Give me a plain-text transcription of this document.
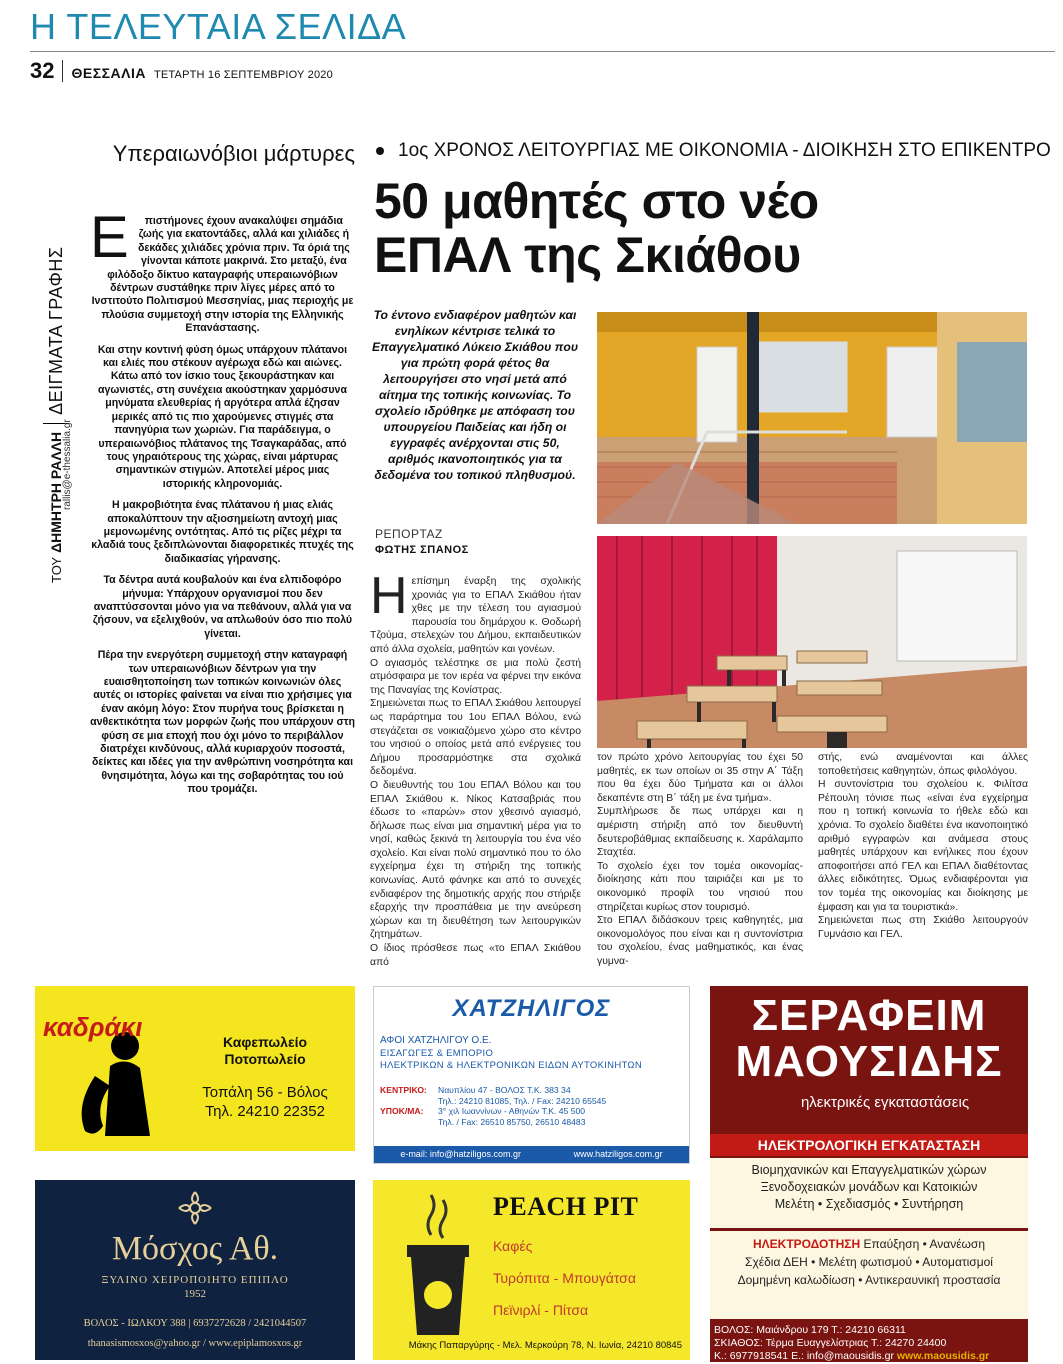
Η ΤΕΛΕΥΤΑΙΑ ΣΕΛΙΔΑ
32 ΘΕΣΣΑΛΙΑ ΤΕΤΑΡΤΗ 16 ΣΕΠΤΕΜΒΡΙΟΥ 2020
ΤΟΥ
ΔΗΜΗΤΡΗ ΡΑΛΛΗ
ΔΕΙΓΜΑΤΑ ΓΡΑΦΗΣ
rallis@e-thessalia.gr
Υπεραιωνόβιοι μάρτυρες

Ε πιστήμονες έχουν ανακαλύψει σημάδια ζωής για εκατοντάδες, αλλά και χιλιάδες ή δεκάδες χιλιάδες χρόνια πριν. Τα όριά της γίνονται κάποτε μακρινά. Στο μεταξύ, ένα φιλόδοξο δίκτυο καταγραφής υπεραιωνόβιων δέντρων συστάθηκε πριν λίγες μέρες από το Ινστιτούτο Πολιτισμού Μεσσηνίας, μιας περιοχής με πλούσια συμμετοχή στην ιστορία της Ελληνικής Επανάστασης.

Και στην κοντινή φύση όμως υπάρχουν πλάτανοι και ελιές που στέκουν αγέρωχα εδώ και αιώνες. Κάτω από τον ίσκιο τους ξεκουράστηκαν και αγωνιστές, στη συνέχεια ακούστηκαν χαρμόσυνα μηνύματα ελευθερίας ή αργότερα απλά έζησαν μερικές από τις πιο χαρούμενες στιγμές στα πανηγύρια των χωριών. Για παράδειγμα, ο υπεραιωνόβιος πλάτανος της Τσαγκαράδας, από τους γηραιότερους της χώρας, είναι μάρτυρας σημαντικών στιγμών. Αποτελεί μέρος μιας ιστορικής κληρονομιάς.

Η μακροβιότητα ένας πλάτανου ή μιας ελιάς αποκαλύπτουν την αξιοσημείωτη αντοχή μιας μεμονωμένης οντότητας. Από τις ρίζες μέχρι τα κλαδιά τους ξεδιπλώνονται διαφορετικές πτυχές της διαδικασίας γήρανσης.

Τα δέντρα αυτά κουβαλούν και ένα ελπιδοφόρο μήνυμα: Υπάρχουν οργανισμοί που δεν αναπτύσσονται μόνο για να πεθάνουν, αλλά για να ζήσουν, να εξελιχθούν, να απλωθούν όσο πιο πολύ γίνεται.

Πέρα την ενεργότερη συμμετοχή στην καταγραφή των υπεραιωνόβιων δέντρων για την ευαισθητοποίηση των τοπικών κοινωνιών όλες αυτές οι ιστορίες φαίνεται να είναι πιο χρήσιμες για έναν ακόμη λόγο: Στον πυρήνα τους βρίσκεται η ανθεκτικότητα των μορφών ζωής που υπάρχουν στη φύση σε μια εποχή που όχι μόνο το περιβάλλον διατρέχει κινδύνους, αλλά κυριαρχούν ποσοστά, δείκτες και ιδέες για την ανθρώπινη νοσηρότητα και θνησιμότητα, λόγω και της σοβαρότητας του ιού που τρομάζει.

1ος ΧΡΟΝΟΣ ΛΕΙΤΟΥΡΓΙΑΣ ΜΕ ΟΙΚΟΝΟΜΙΑ - ΔΙΟΙΚΗΣΗ ΣΤΟ ΕΠΙΚΕΝΤΡΟ
50 μαθητές στο νέο
ΕΠΑΛ της Σκιάθου
Το έντονο ενδιαφέρον μαθητών και ενηλίκων κέντρισε τελικά το Επαγγελματικό Λύκειο Σκιάθου που για πρώτη φορά φέτος θα λειτουργήσει στο νησί μετά από αίτημα της τοπικής κοινωνίας. Το σχολείο ιδρύθηκε με απόφαση του υπουργείου Παιδείας και ήδη οι εγγραφές ανέρχονται στις 50, αριθμός ικανοποιητικός για τα δεδομένα του τοπικού πληθυσμού.
ΡΕΠΟΡΤΑΖ
ΦΩΤΗΣ ΣΠΑΝΟΣ

Ηεπίσημη έναρξη της σχολικής χρονιάς για το ΕΠΑΛ Σκιάθου ήταν χθες με την τέλεση του αγιασμού παρουσία του δημάρχου κ. Θοδωρή Τζούμα, στελεχών του Δήμου, εκπαιδευτικών από άλλα σχολεία, μαθητών και γονέων.

Ο αγιασμός τελέστηκε σε μια πολύ ζεστή ατμόσφαιρα με τον ιερέα να φέρνει την εικόνα της Παναγίας της Κονίστρας.

Σημειώνεται πως το ΕΠΑΛ Σκιάθου λειτουργεί ως παράρτημα του 1ου ΕΠΑΛ Βόλου, ενώ στεγάζεται σε νοικιαζόμενο χώρο στο κέντρο του νησιού ο οποίος μετά από ενέργειες του Δήμου προσαρμόστηκε στα σχολικά δεδομένα.

Ο διευθυντής του 1ου ΕΠΑΛ Βόλου και του ΕΠΑΛ Σκιάθου κ. Νίκος Κατσαβριάς που έδωσε το «παρών» στον χθεσινό αγιασμό, δήλωσε πως είναι μια σημαντική μέρα για το νησί, καθώς ξεκινά τη λειτουργία του ένα νέο σχολείο. Και είναι πολύ σημαντικό που το όλο εγχείρημα έχει τη στήριξη της τοπικής κοινωνίας. Αυτό φάνηκε και από το συνεχές ενδιαφέρον της δημοτικής αρχής που στήριξε εξαρχής την προσπάθεια με την ανεύρεση χώρων και τη διευθέτηση των λειτουργικών ζητημάτων.

Ο ίδιος πρόσθεσε πως «το ΕΠΑΛ Σκιάθου από

τον πρώτο χρόνο λειτουργίας του έχει 50 μαθητές, εκ των οποίων οι 35 στην Α΄ Τάξη που θα έχει δύο Τμήματα και οι άλλοι δεκαπέντε στη Β΄ τάξη με ένα τμήμα».

Συμπλήρωσε δε πως υπάρχει και η αμέριστη στήριξη από τον διευθυντή δευτεροβάθμιας εκπαίδευσης κ. Χαράλαμπο Σταχτέα.

Το σχολείο έχει τον τομέα οικονομίας-διοίκησης κάτι που ταιριάζει και με το οικονομικό προφίλ του νησιού που στηρίζεται κυρίως στον τουρισμό.

Στο ΕΠΑΛ διδάσκουν τρεις καθηγητές, μια οικονομολόγος που είναι και η συντονίστρια του σχολείου, ένας μαθηματικός, και ένας γυμνα-

στής, ενώ αναμένονται και άλλες τοποθετήσεις καθηγητών, όπως φιλολόγου.

Η συντονίστρια του σχολείου κ. Φιλίτσα Ρέπουλη τόνισε πως «είναι ένα εγχείρημα που η τοπική κοινωνία το ήθελε εδώ και χρόνια. Το σχολείο διαθέτει ένα ικανοποιητικό αριθμό εγγραφών και ανάμεσα στους μαθητές υπάρχουν και ενήλικες που έχουν αποφοιτήσει από ΓΕΛ και ΕΠΑΛ διαθέτοντας άλλες ειδικότητες. Όμως ενδιαφέρονται για τον τομέα της οικονομίας και διοίκησης με έμφαση και για τα τουριστικά».

Σημειώνεται πως στη Σκιάθο λειτουργούν Γυμνάσιο και ΓΕΛ.

καδράκι	Καφεπωλείο
Ποτοπωλείο
Τοπάλη 56 - Βόλος
Τηλ. 24210 22352
ΧΑΤΖΗΛΙΓΟΣ
ΑΦΟΙ ΧΑΤΖΗΛΙΓΟΥ Ο.Ε.
ΕΙΣΑΓΩΓΕΣ & ΕΜΠΟΡΙΟ
ΗΛΕΚΤΡΙΚΩΝ & ΗΛΕΚΤΡΟΝΙΚΩΝ ΕΙΔΩΝ ΑΥΤΟΚΙΝΗΤΩΝ
ΚΕΝΤΡΙΚΟ: Ναυπλίου 47 - ΒΟΛΟΣ Τ.Κ. 383 34
Τηλ.: 24210 81085, Τηλ. / Fax: 24210 65545
ΥΠΟΚ/ΜΑ: 3° χιλ Ιωαννίνων - Αθηνών Τ.Κ. 45 500
Τηλ. / Fax: 26510 85750, 26510 48483
e-mail: info@hatziligos.com.gr	www.hatziligos.com.gr
ΣΕΡΑΦΕΙΜ
ΜΑΟΥΣΙΔΗΣ
ηλεκτρικές εγκαταστάσεις
ΗΛΕΚΤΡΟΛΟΓΙΚΗ ΕΓΚΑΤΑΣΤΑΣΗ
Βιομηχανικών και Επαγγελματικών χώρων
Ξενοδοχειακών μονάδων και Κατοικιών
Μελέτη • Σχεδιασμός • Συντήρηση
ΗΛΕΚΤΡΟΔΟΤΗΣΗ Επαύξηση • Ανανέωση
Σχέδια ΔΕΗ • Μελέτη φωτισμού • Αυτοματισμοί
Δομημένη καλωδίωση • Αντικεραυνική προστασία
ΒΟΛΟΣ: Μαιάνδρου 179 Τ.: 24210 66311
ΣΚΙΑΘΟΣ: Τέρμα Ευαγγελίστριας Τ.: 24270 24400
Κ.: 6977918541 E.: info@maousidis.gr www.maousidis.gr
Μόσχος Αθ.
ΞΥΛΙΝΟ ΧΕΙΡΟΠΟΙΗΤΟ ΕΠΙΠΛΟ
1952
ΒΟΛΟΣ - ΙΩΛΚΟΥ 388 | 6937272628 / 2421044507
thanasismosxos@yahoo.gr / www.epiplamosxos.gr
PEACH PIT
Καφές
Τυρόπιτα - Μπουγάτσα
Πεϊνιρλί - Πίτσα
Μάκης Παπαργύρης - Μελ. Μερκούρη 78, Ν. Ιωνία, 24210 80845
